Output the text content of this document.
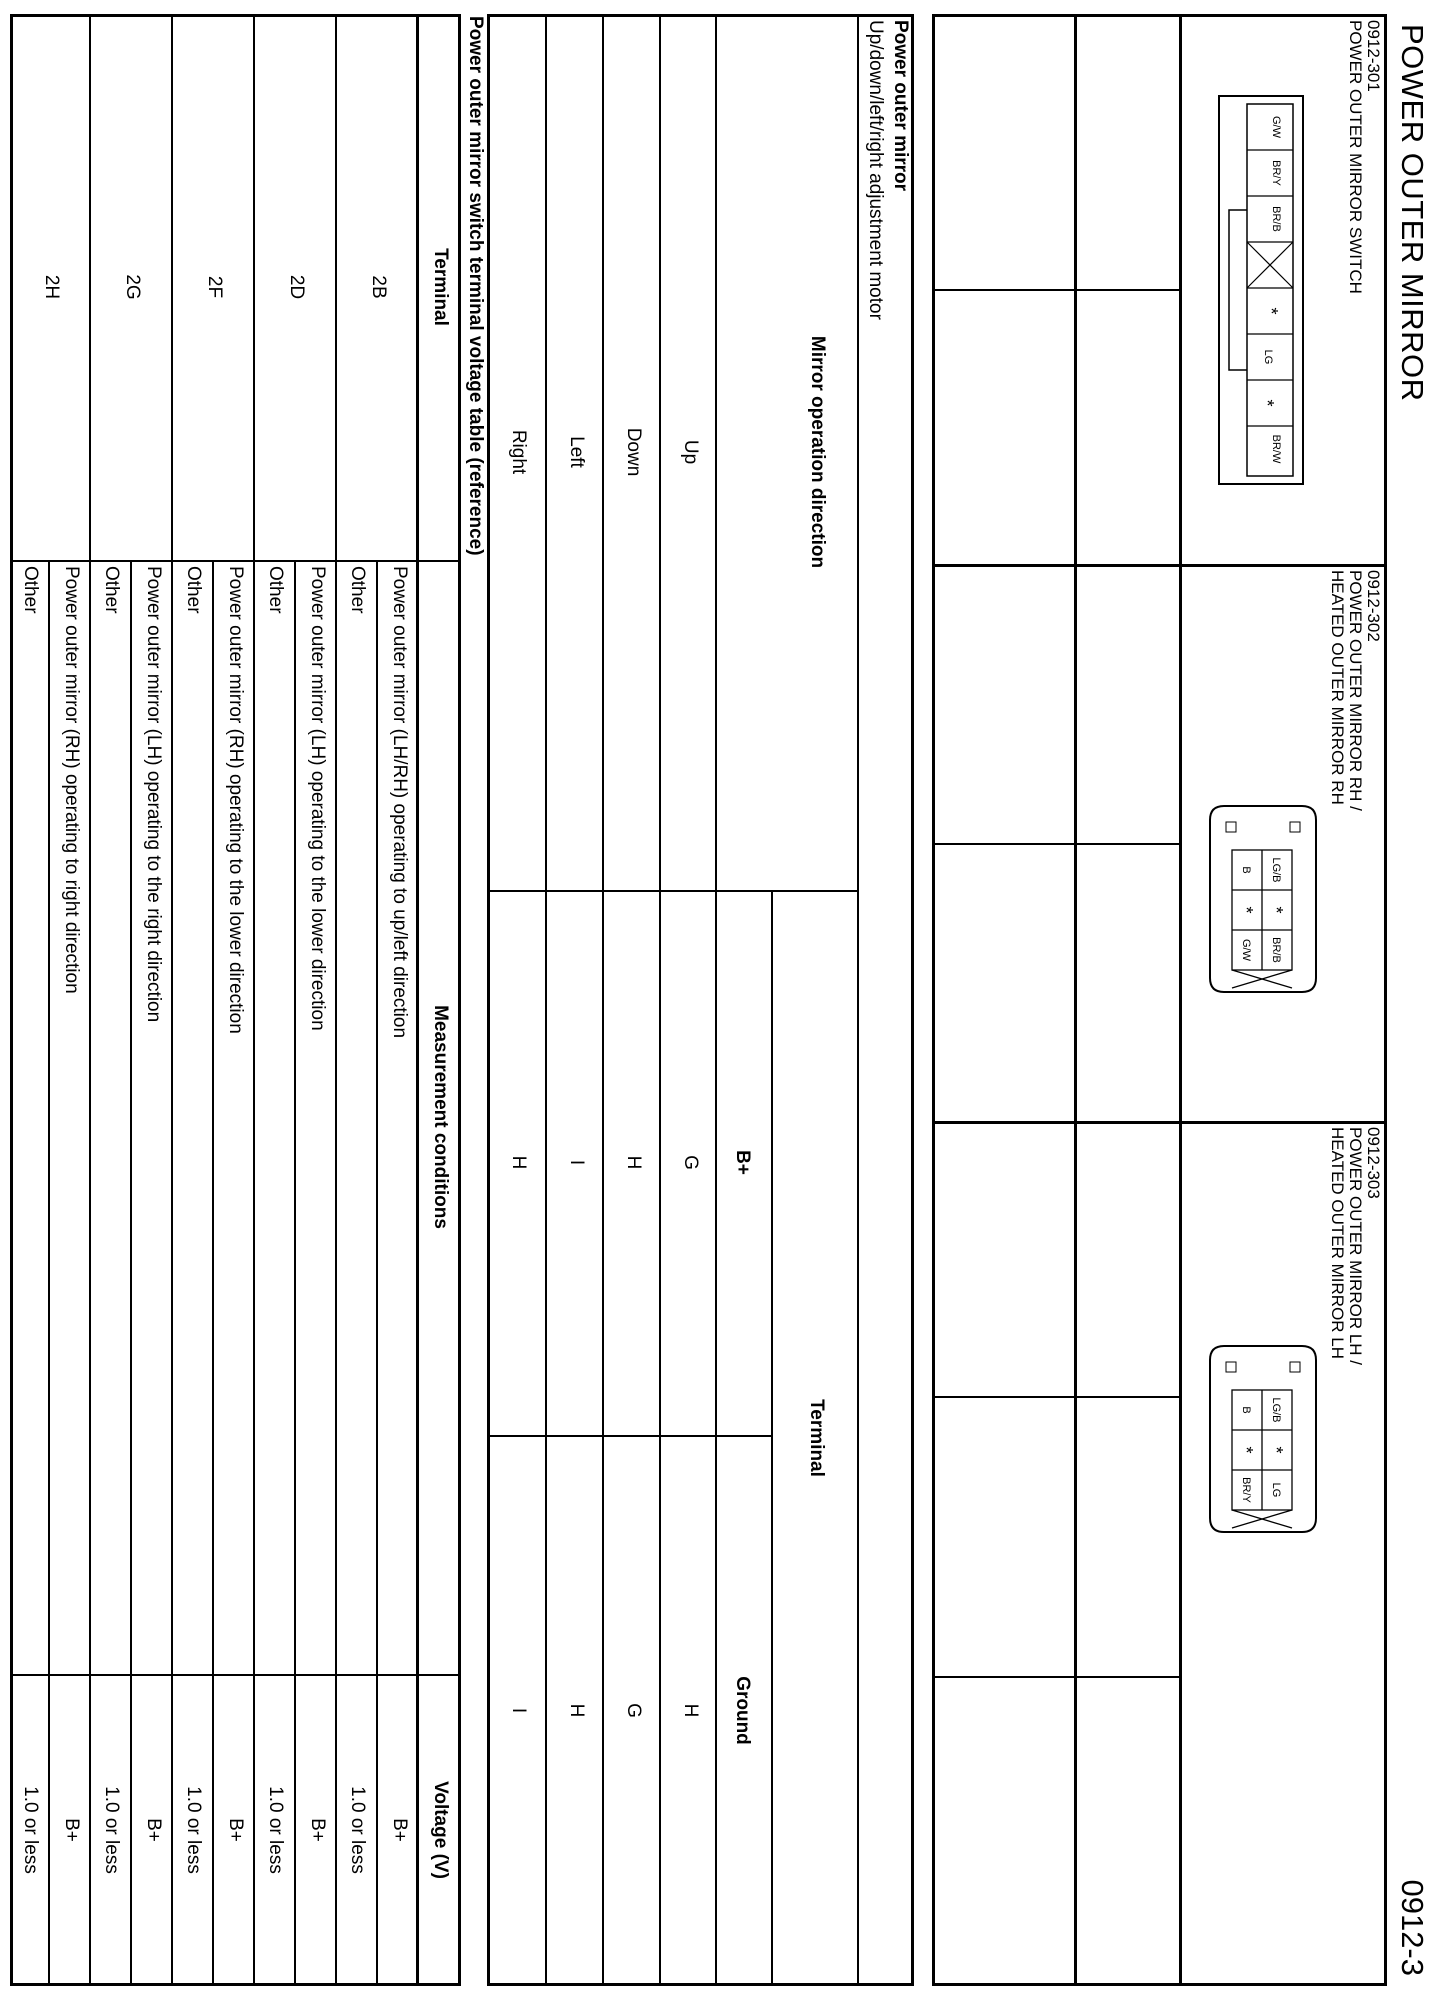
POWER OUTER MIRROR
0912-3
0912-301
POWER OUTER MIRROR SWITCH
G/W
BR/Y
BR/B
*
LG
*
BR/W
0912-302
POWER OUTER MIRROR RH /
HEATED OUTER MIRROR RH
LG/B
*
BR/B
B
*
G/W
0912-303
POWER OUTER MIRROR LH /
HEATED OUTER MIRROR LH
LG/B
*
LG
B
*
BR/Y
Power outer mirror
Up/down/left/right adjustment motor
Mirror operation direction
Terminal
B+
Ground
Up
G
H
Down
H
G
Left
I
H
Right
H
I
Power outer mirror switch terminal voltage table (reference)
Terminal
Measurement conditions
Voltage (V)
2B
Power outer mirror (LH/RH) operating to up/left direction
Other
B+
1.0 or less
2D
Power outer mirror (LH) operating to the lower direction
Other
B+
1.0 or less
2F
Power outer mirror (RH) operating to the lower direction
Other
B+
1.0 or less
2G
Power outer mirror (LH) operating to the right direction
Other
B+
1.0 or less
2H
Power outer mirror (RH) operating to right direction
Other
B+
1.0 or less
